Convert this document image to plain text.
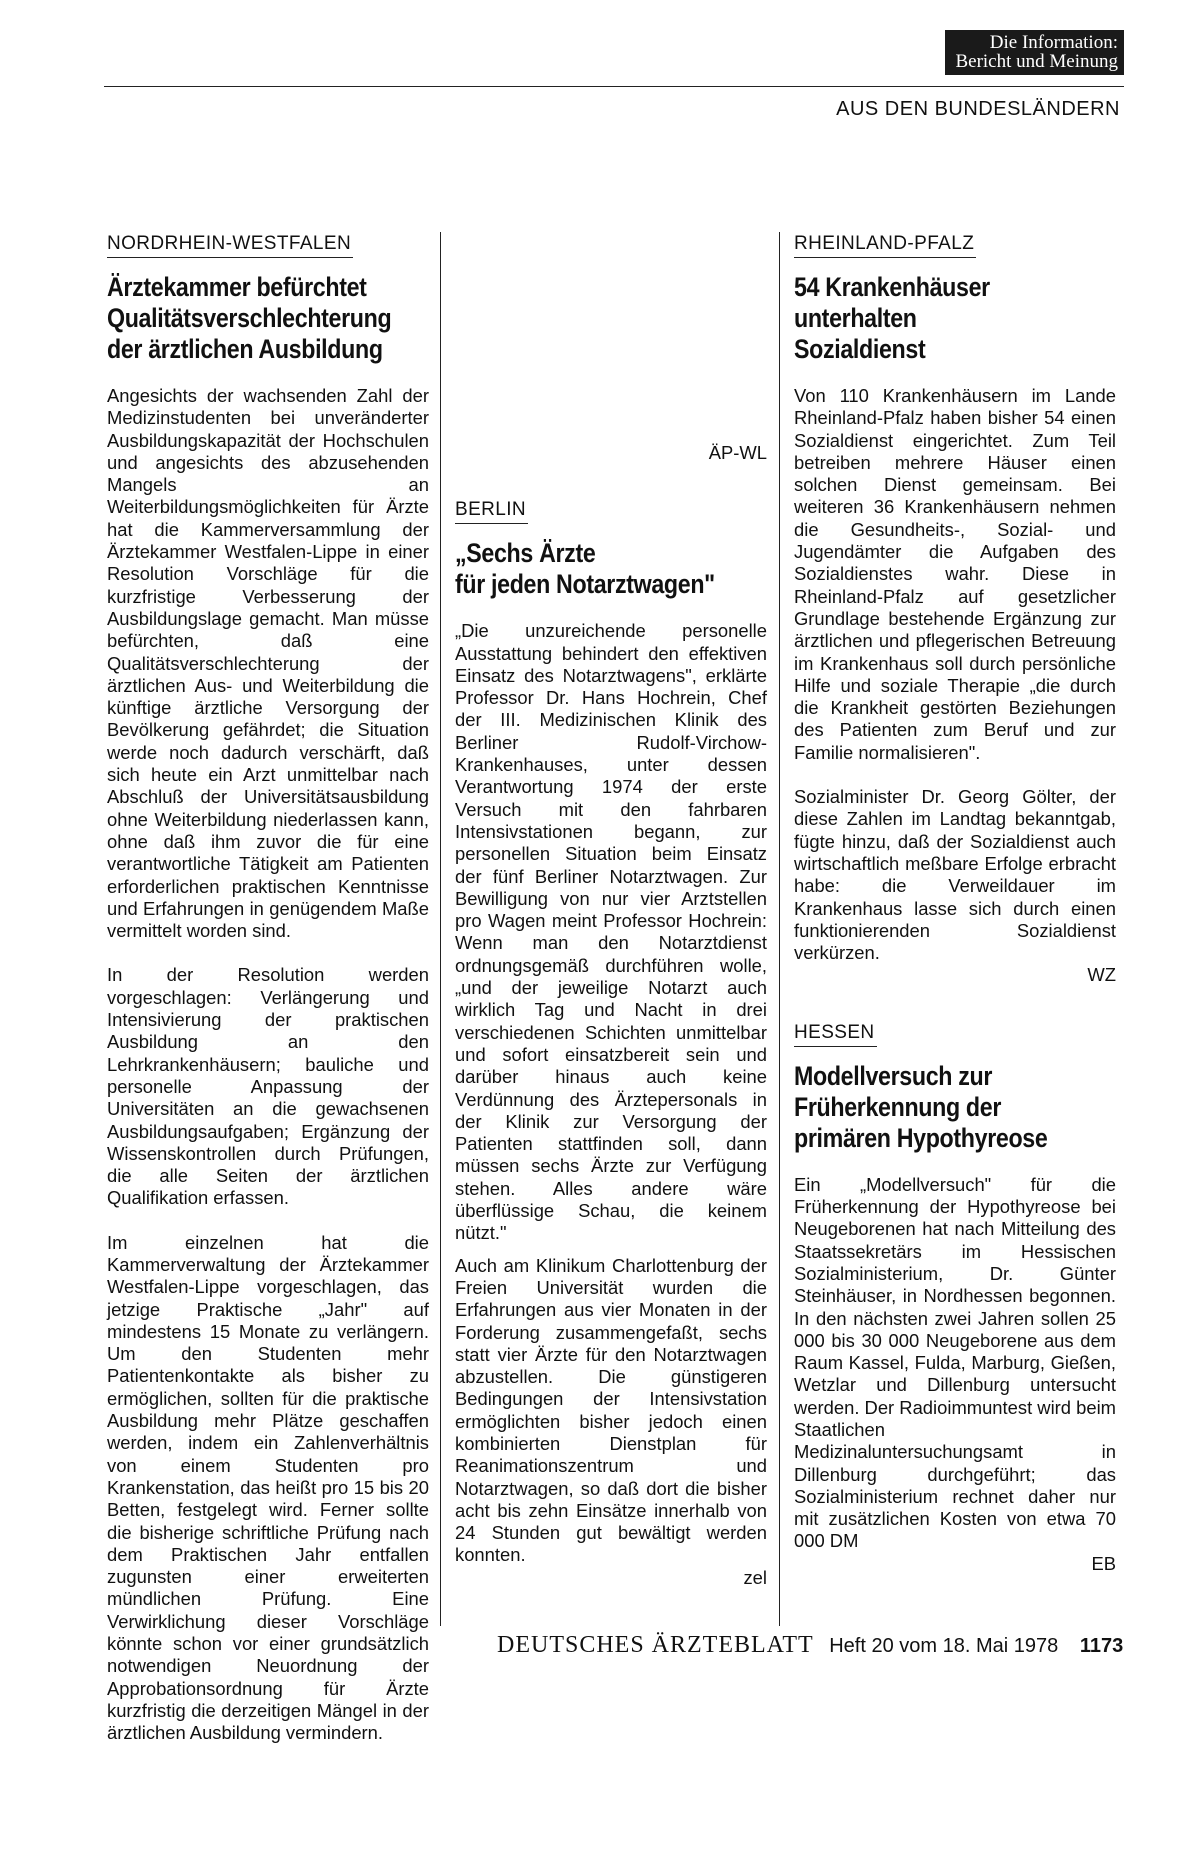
Die Information:
Bericht und Meinung
AUS DEN BUNDESLÄNDERN
NORDRHEIN-WESTFALEN
Ärztekammer befürchtet
Qualitätsverschlechterung
der ärztlichen Ausbildung

Angesichts der wachsenden Zahl der Medizinstudenten bei unveränderter Ausbildungskapazität der Hochschulen und angesichts des abzusehenden Mangels an Weiterbildungsmöglichkeiten für Ärzte hat die Kammerversammlung der Ärztekammer Westfalen-Lippe in einer Resolution Vorschläge für die kurzfristige Verbesserung der Ausbildungslage gemacht. Man müsse befürchten, daß eine Qualitätsverschlechterung der ärztlichen Aus- und Weiterbildung die künftige ärztliche Versorgung der Bevölkerung gefährdet; die Situation werde noch dadurch verschärft, daß sich heute ein Arzt unmittelbar nach Abschluß der Universitätsausbildung ohne Weiterbildung niederlassen kann, ohne daß ihm zuvor die für eine verantwortliche Tätigkeit am Patienten erforderlichen praktischen Kenntnisse und Erfahrungen in genügendem Maße vermittelt worden sind.

In der Resolution werden vorgeschlagen: Verlängerung und Intensivierung der praktischen Ausbildung an den Lehrkrankenhäusern; bauliche und personelle Anpassung der Universitäten an die gewachsenen Ausbildungsaufgaben; Ergänzung der Wissenskontrollen durch Prüfungen, die alle Seiten der ärztlichen Qualifikation erfassen.

Im einzelnen hat die Kammerverwaltung der Ärztekammer Westfalen-Lippe vorgeschlagen, das jetzige Praktische „Jahr" auf mindestens 15 Monate zu verlängern. Um den Studenten mehr Patientenkontakte als bisher zu ermöglichen, sollten für die praktische Ausbildung mehr Plätze geschaffen werden, indem ein Zahlenverhältnis von einem Studenten pro Krankenstation, das heißt pro 15 bis 20 Betten, festgelegt wird. Ferner sollte die bisherige schriftliche Prüfung nach dem Praktischen Jahr entfallen zugunsten einer erweiterten mündlichen Prüfung. Eine Verwirklichung dieser Vorschläge könnte schon vor einer grundsätzlich notwendigen Neuordnung der Approbationsordnung für Ärzte kurzfristig die derzeitigen Mängel in der ärztlichen Ausbildung vermindern.

ÄP-WL

BERLIN
„Sechs Ärzte
für jeden Notarztwagen"

„Die unzureichende personelle Ausstattung behindert den effektiven Einsatz des Notarztwagens", erklärte Professor Dr. Hans Hochrein, Chef der III. Medizinischen Klinik des Berliner Rudolf-Virchow-Krankenhauses, unter dessen Verantwortung 1974 der erste Versuch mit den fahrbaren Intensivstationen begann, zur personellen Situation beim Einsatz der fünf Berliner Notarztwagen. Zur Bewilligung von nur vier Arztstellen pro Wagen meint Professor Hochrein: Wenn man den Notarztdienst ordnungsgemäß durchführen wolle, „und der jeweilige Notarzt auch wirklich Tag und Nacht in drei verschiedenen Schichten unmittelbar und sofort einsatzbereit sein und darüber hinaus auch keine Verdünnung des Ärztepersonals in der Klinik zur Versorgung der Patienten stattfinden soll, dann müssen sechs Ärzte zur Verfügung stehen. Alles andere wäre überflüssige Schau, die keinem nützt."

Auch am Klinikum Charlottenburg der Freien Universität wurden die Erfahrungen aus vier Monaten in der Forderung zusammengefaßt, sechs statt vier Ärzte für den Notarztwagen abzustellen. Die günstigeren Bedingungen der Intensivstation ermöglichten bisher jedoch einen kombinierten Dienstplan für Reanimationszentrum und Notarztwagen, so daß dort die bisher acht bis zehn Einsätze innerhalb von 24 Stunden gut bewältigt werden konnten.

zel

RHEINLAND-PFALZ
54 Krankenhäuser
unterhalten
Sozialdienst

Von 110 Krankenhäusern im Lande Rheinland-Pfalz haben bisher 54 einen Sozialdienst eingerichtet. Zum Teil betreiben mehrere Häuser einen solchen Dienst gemeinsam. Bei weiteren 36 Krankenhäusern nehmen die Gesundheits-, Sozial- und Jugendämter die Aufgaben des Sozialdienstes wahr. Diese in Rheinland-Pfalz auf gesetzlicher Grundlage bestehende Ergänzung zur ärztlichen und pflegerischen Betreuung im Krankenhaus soll durch persönliche Hilfe und soziale Therapie „die durch die Krankheit gestörten Beziehungen des Patienten zum Beruf und zur Familie normalisieren".

Sozialminister Dr. Georg Gölter, der diese Zahlen im Landtag bekanntgab, fügte hinzu, daß der Sozialdienst auch wirtschaftlich meßbare Erfolge erbracht habe: die Verweildauer im Krankenhaus lasse sich durch einen funktionierenden Sozialdienst verkürzen.

WZ

HESSEN
Modellversuch zur
Früherkennung der
primären Hypothyreose

Ein „Modellversuch" für die Früherkennung der Hypothyreose bei Neugeborenen hat nach Mitteilung des Staatssekretärs im Hessischen Sozialministerium, Dr. Günter Steinhäuser, in Nordhessen begonnen. In den nächsten zwei Jahren sollen 25 000 bis 30 000 Neugeborene aus dem Raum Kassel, Fulda, Marburg, Gießen, Wetzlar und Dillenburg untersucht werden. Der Radioimmuntest wird beim Staatlichen Medizinaluntersuchungsamt in Dillenburg durchgeführt; das Sozialministerium rechnet daher nur mit zusätzlichen Kosten von etwa 70 000 DM

EB

DEUTSCHES ÄRZTEBLATT Heft 20 vom 18. Mai 1978 1173
